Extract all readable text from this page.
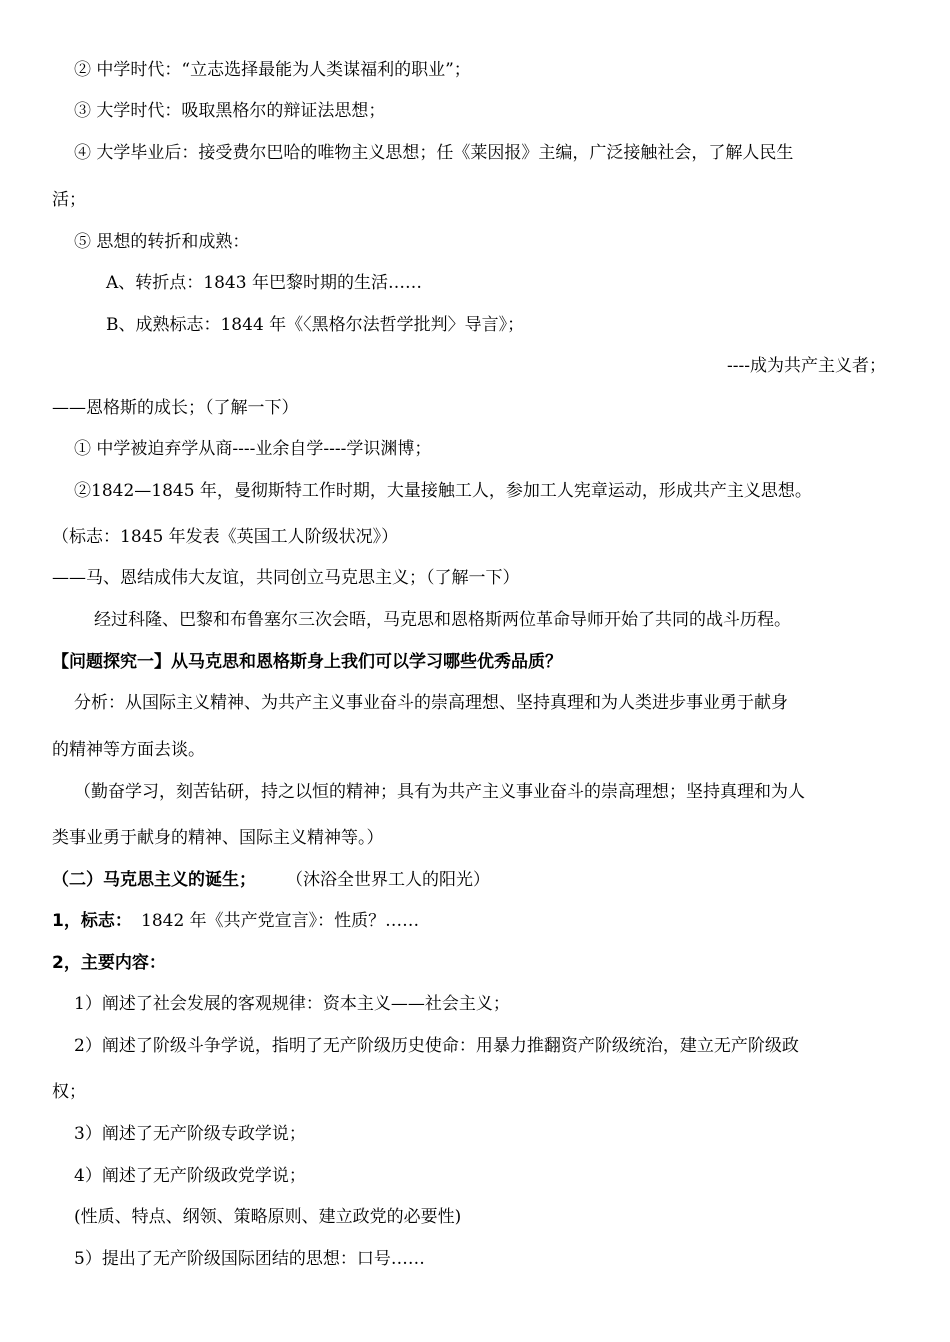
② 中学时代：“立志选择最能为人类谋福利的职业”；
③ 大学时代：吸取黑格尔的辩证法思想；
④ 大学毕业后：接受费尔巴哈的唯物主义思想；任《莱因报》主编，广泛接触社会，了解人民生
活；
⑤ 思想的转折和成熟：
A、转折点：1843 年巴黎时期的生活……
B、成熟标志：1844 年《〈黑格尔法哲学批判〉导言》；
----成为共产主义者；
——恩格斯的成长；（了解一下）
① 中学被迫弃学从商----业余自学----学识渊博；
②1842—1845 年，曼彻斯特工作时期，大量接触工人，参加工人宪章运动，形成共产主义思想。
（标志：1845 年发表《英国工人阶级状况》）
——马、恩结成伟大友谊，共同创立马克思主义；（了解一下）
经过科隆、巴黎和布鲁塞尔三次会晤，马克思和恩格斯两位革命导师开始了共同的战斗历程。
【问题探究一】从马克思和恩格斯身上我们可以学习哪些优秀品质？
分析：从国际主义精神、为共产主义事业奋斗的崇高理想、坚持真理和为人类进步事业勇于献身
的精神等方面去谈。
（勤奋学习，刻苦钻研，持之以恒的精神；具有为共产主义事业奋斗的崇高理想；坚持真理和为人
类事业勇于献身的精神、国际主义精神等。）
（二）马克思主义的诞生； （沐浴全世界工人的阳光）
1，标志： 1842 年《共产党宣言》：性质？……
2，主要内容：
1）阐述了社会发展的客观规律：资本主义——社会主义；
2）阐述了阶级斗争学说，指明了无产阶级历史使命：用暴力推翻资产阶级统治，建立无产阶级政
权；
3）阐述了无产阶级专政学说；
4）阐述了无产阶级政党学说；
(性质、特点、纲领、策略原则、建立政党的必要性)
5）提出了无产阶级国际团结的思想：口号……
